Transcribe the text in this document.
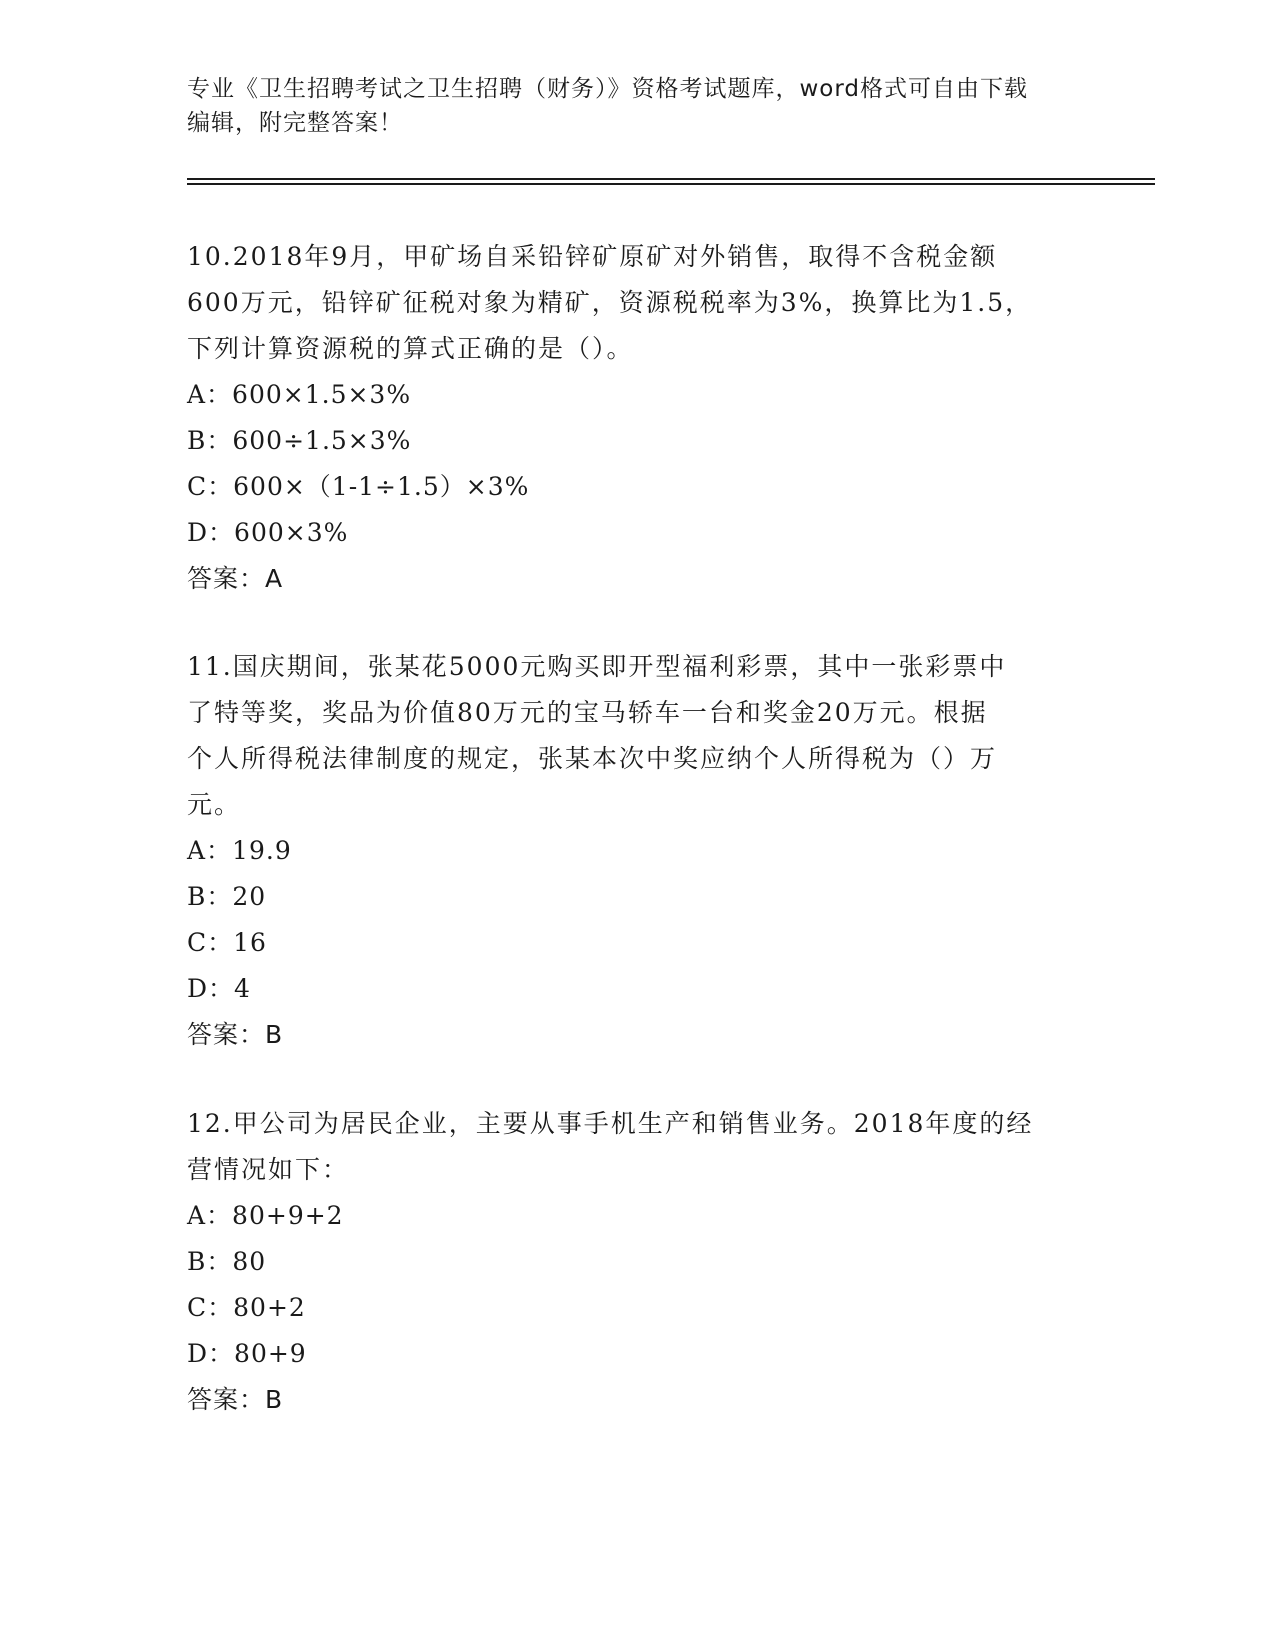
专业《卫生招聘考试之卫生招聘（财务）》资格考试题库，word格式可自由下载
编辑，附完整答案！

10.2018年9月，甲矿场自采铅锌矿原矿对外销售，取得不含税金额

600万元，铅锌矿征税对象为精矿，资源税税率为3%，换算比为1.5，

下列计算资源税的算式正确的是（）。

A：600×1.5×3%

B：600÷1.5×3%

C：600×（1-1÷1.5）×3%

D：600×3%

答案：A

11.国庆期间，张某花5000元购买即开型福利彩票，其中一张彩票中

了特等奖，奖品为价值80万元的宝马轿车一台和奖金20万元。根据

个人所得税法律制度的规定，张某本次中奖应纳个人所得税为（）万

元。

A：19.9

B：20

C：16

D：4

答案：B

12.甲公司为居民企业，主要从事手机生产和销售业务。2018年度的经

营情况如下：

A：80+9+2

B：80

C：80+2

D：80+9

答案：B
